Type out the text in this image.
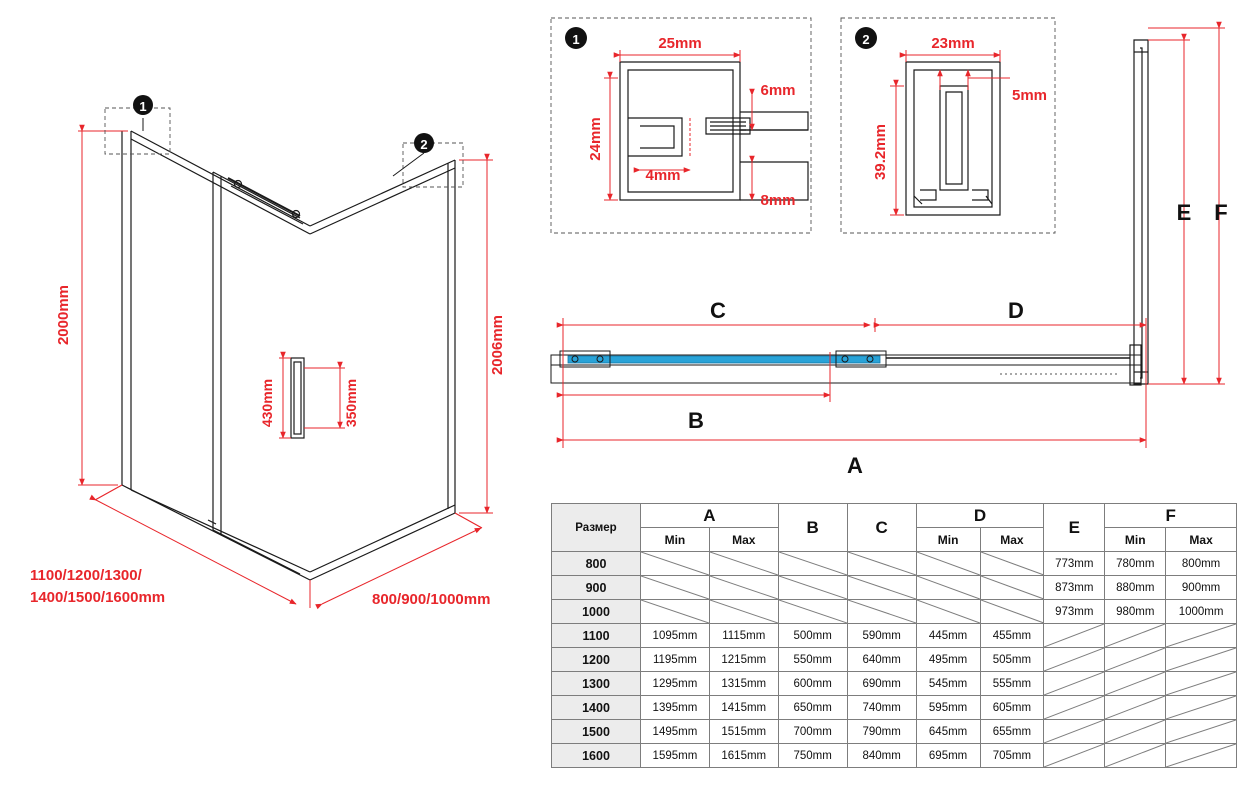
1
2
2000mm	2006mm
430mm	350mm
1100/1200/1300/
1400/1500/1600mm	800/900/1000mm
1	25mm
24mm
4mm
6mm
8mm
2	23mm
39.2mm
5mm
E F
C	D
B
A
Размер	A		B	C	D		E	F	
	Min	Max			Min	Max		Min	Max
800							773mm	780mm	800mm
900							873mm	880mm	900mm
1000							973mm	980mm	1000mm
1100	1095mm	1115mm	500mm	590mm	445mm	455mm	

1200	1195mm	1215mm	550mm	640mm	495mm	505mm	

1300	1295mm	1315mm	600mm	690mm	545mm	555mm	

1400	1395mm	1415mm	650mm	740mm	595mm	605mm	

1500	1495mm	1515mm	700mm	790mm	645mm	655mm	

1600	1595mm	1615mm	750mm	840mm	695mm	705mm	
